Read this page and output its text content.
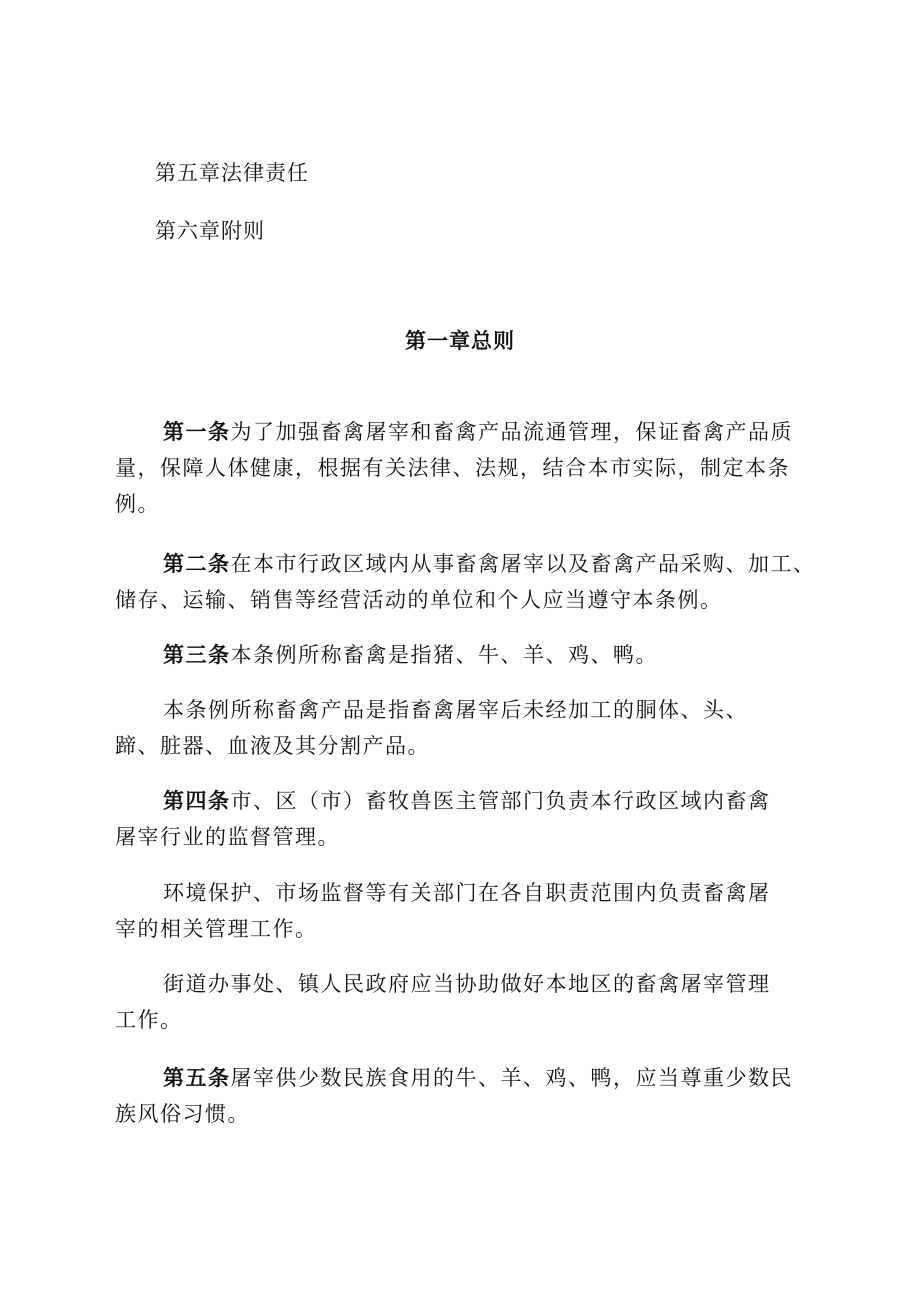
第五章法律责任
第六章附则
第一章总则
第一条为了加强畜禽屠宰和畜禽产品流通管理，保证畜禽产品质
量，保障人体健康，根据有关法律、法规，结合本市实际，制定本条
例。
第二条在本市行政区域内从事畜禽屠宰以及畜禽产品采购、加工、
储存、运输、销售等经营活动的单位和个人应当遵守本条例。
第三条本条例所称畜禽是指猪、牛、羊、鸡、鸭。
本条例所称畜禽产品是指畜禽屠宰后未经加工的胴体、头、
蹄、脏器、血液及其分割产品。
第四条市、区（市）畜牧兽医主管部门负责本行政区域内畜禽
屠宰行业的监督管理。
环境保护、市场监督等有关部门在各自职责范围内负责畜禽屠
宰的相关管理工作。
街道办事处、镇人民政府应当协助做好本地区的畜禽屠宰管理
工作。
第五条屠宰供少数民族食用的牛、羊、鸡、鸭，应当尊重少数民
族风俗习惯。
